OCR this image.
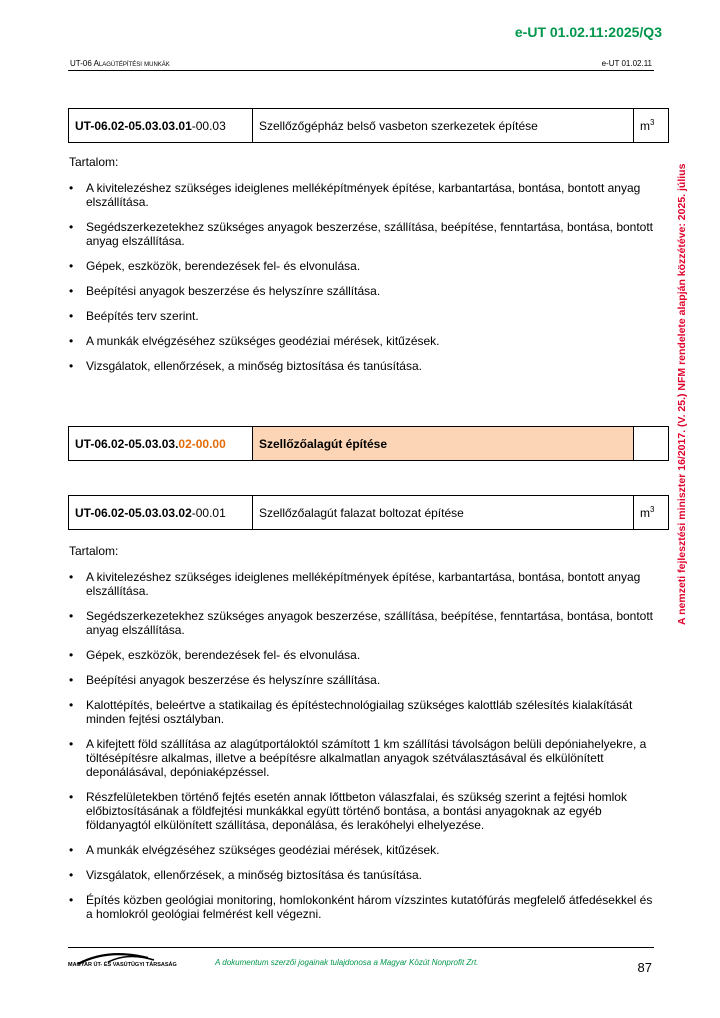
e-UT 01.02.11:2025/Q3
UT-06 Alagútépítési munkák	e-UT 01.02.11
A nemzeti fejlesztési miniszter 16/2017. (V. 25.) NFM rendelete alapján közzétéve: 2025. július
UT-06.02-05.03.03.01-00.03	Szellőzőgépház belső vasbeton szerkezetek építése	$m^3$

Tartalom:

• A kivitelezéshez szükséges ideiglenes melléképítmények építése, karbantartása, bontása, bontott anyag elszállítása.
• Segédszerkezetekhez szükséges anyagok beszerzése, szállítása, beépítése, fenntartása, bontása, bontott anyag elszállítása.
• Gépek, eszközök, berendezések fel- és elvonulása.
• Beépítési anyagok beszerzése és helyszínre szállítása.
• Beépítés terv szerint.
• A munkák elvégzéséhez szükséges geodéziai mérések, kitűzések.
• Vizsgálatok, ellenőrzések, a minőség biztosítása és tanúsítása.
UT-06.02-05.03.03.02-00.00	Szellőzőalagút építése	
UT-06.02-05.03.03.02-00.01	Szellőzőalagút falazat boltozat építése	$m^3$

Tartalom:

• A kivitelezéshez szükséges ideiglenes melléképítmények építése, karbantartása, bontása, bontott anyag elszállítása.
• Segédszerkezetekhez szükséges anyagok beszerzése, szállítása, beépítése, fenntartása, bontása, bontott anyag elszállítása.
• Gépek, eszközök, berendezések fel- és elvonulása.
• Beépítési anyagok beszerzése és helyszínre szállítása.
• Kalottépítés, beleértve a statikailag és építéstechnológiailag szükséges kalottláb szélesítés kialakítását minden fejtési osztályban.
• A kifejtett föld szállítása az alagútportáloktól számított 1 km szállítási távolságon belüli depóniahelyekre, a töltésépítésre alkalmas, illetve a beépítésre alkalmatlan anyagok szétválasztásával és elkülönített deponálásával, depóniaképzéssel.
• Részfelületekben történő fejtés esetén annak lőttbeton válaszfalai, és szükség szerint a fejtési homlok előbiztosításának a földfejtési munkákkal együtt történő bontása, a bontási anyagoknak az egyéb földanyagtól elkülönített szállítása, deponálása, és lerakóhelyi elhelyezése.
• A munkák elvégzéséhez szükséges geodéziai mérések, kitűzések.
• Vizsgálatok, ellenőrzések, a minőség biztosítása és tanúsítása.
• Építés közben geológiai monitoring, homlokonként három vízszintes kutatófúrás megfelelő átfedésekkel és a homlokról geológiai felmérést kell végezni.
MAGYAR ÚT- ÉS VASÚTÜGYI TÁRSASÁG	A dokumentum szerzői jogainak tulajdonosa a Magyar Közút Nonprofit Zrt.	87
